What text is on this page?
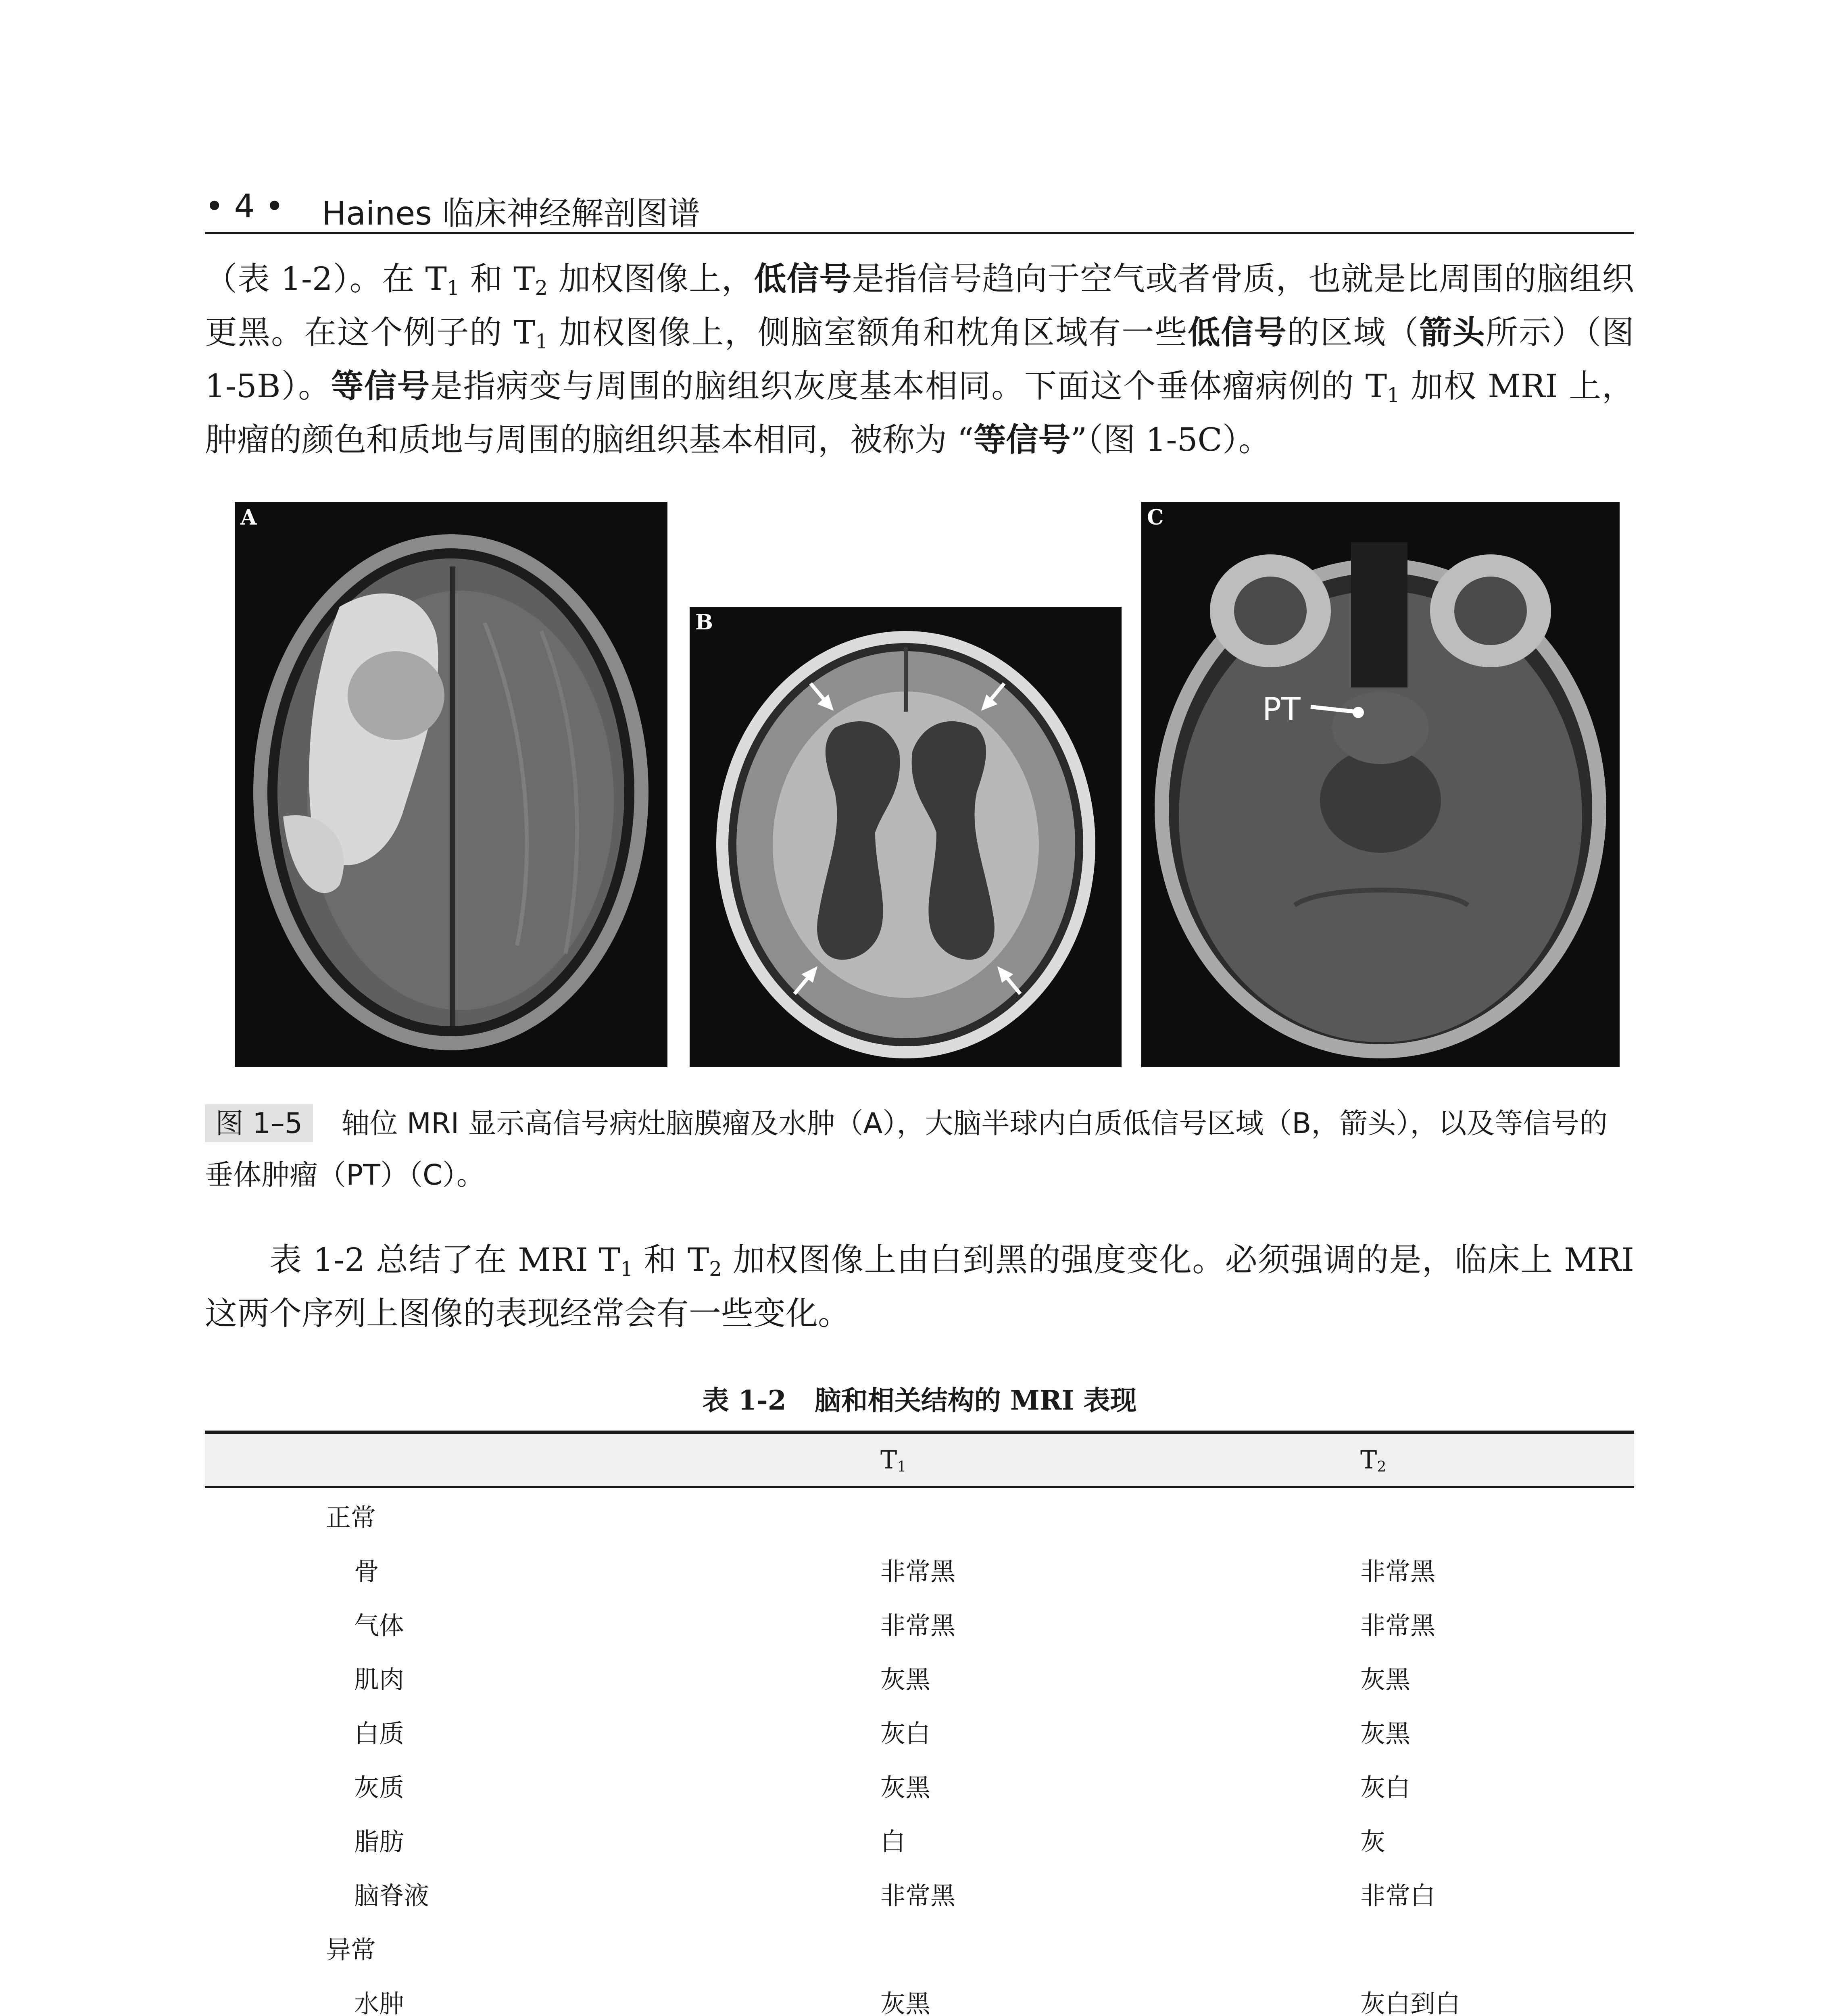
• 4 • Haines 临床神经解剖图谱
（表 1-2）。在 $T_1$ 和 $T_2$ 加权图像上，低信号是指信号趋向于空气或者骨质，也就是比周围的脑组织更黑。在这个例子的 $T_1$ 加权图像上，侧脑室额角和枕角区域有一些低信号的区域（箭头所示）（图 1-5B）。等信号是指病变与周围的脑组织灰度基本相同。下面这个垂体瘤病例的 $T_1$ 加权 MRI 上，肿瘤的颜色和质地与周围的脑组织基本相同，被称为 “等信号”（图 1-5C）。
A
B
C
PT
图 1–5 轴位 MRI 显示高信号病灶脑膜瘤及水肿（A），大脑半球内白质低信号区域（B，箭头），以及等信号的垂体肿瘤（PT）（C）。
表 1-2 总结了在 MRI $T_1$ 和 $T_2$ 加权图像上由白到黑的强度变化。必须强调的是，临床上 MRI 这两个序列上图像的表现经常会有一些变化。
表 1-2 脑和相关结构的 MRI 表现
	$T_1$	$T_2$
正常		
骨	非常黑	非常黑
气体	非常黑	非常黑
肌肉	灰黑	灰黑
白质	灰白	灰黑
灰质	灰黑	灰白
脂肪	白	灰
脑脊液	非常黑	非常白
异常		
水肿	灰黑	灰白到白
